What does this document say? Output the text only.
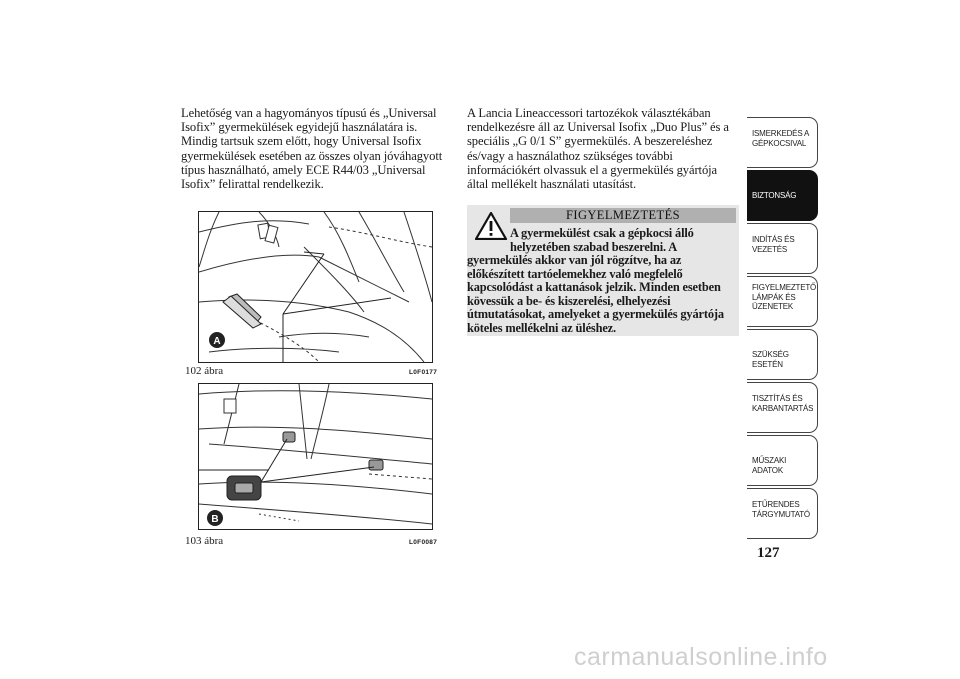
Lehetőség van a hagyományos típusú és „Universal
Isofix” gyermekülések egyidejű használatára is.
Mindig tartsuk szem előtt, hogy Universal Isofix
gyermekülések esetében az összes olyan jóváhagyott
típus használható, amely ECE R44/03 „Universal
Isofix” felirattal rendelkezik.
A
102 ábra	L0F0177
B
103 ábra	L0F0087
A Lancia Lineaccessori tartozékok választékában
rendelkezésre áll az Universal Isofix „Duo Plus” és a
speciális „G 0/1 S” gyermekülés. A beszereléshez
és/vagy a használathoz szükséges további
információkért olvassuk el a gyermekülés gyártója
által mellékelt használati utasítást.
FIGYELMEZTETÉS
A gyermekülést csak a gépkocsi álló
helyzetében szabad beszerelni. A
gyermekülés akkor van jól rögzítve, ha az
előkészített tartóelemekhez való megfelelő
kapcsolódást a kattanások jelzik. Minden esetben
kövessük a be- és kiszerelési, elhelyezési
útmutatásokat, amelyeket a gyermekülés gyártója
köteles mellékelni az üléshez.
ISMERKEDÉS A
GÉPKOCSIVAL
BIZTONSÁG
INDÍTÁS ÉS
VEZETÉS
FIGYELMEZTETŐ
LÁMPÁK ÉS
ÜZENETEK
SZÜKSÉG ESETÉN
TISZTÍTÁS ÉS
KARBANTARTÁS
MŰSZAKI ADATOK
ETŰRENDES
TÁRGYMUTATÓ
127
carmanualsonline.info
